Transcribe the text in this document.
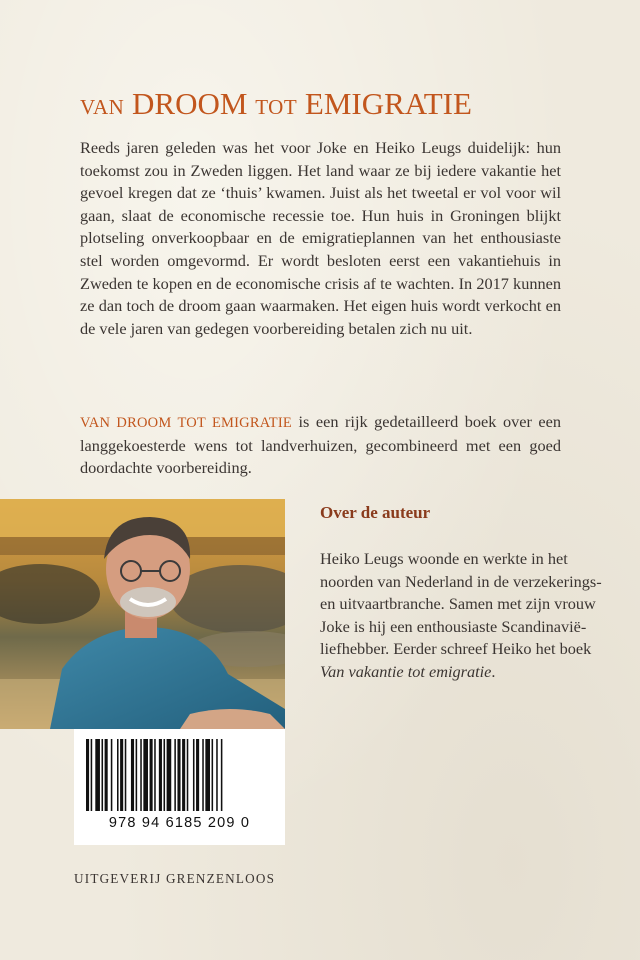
VAN DROOM TOT EMIGRATIE

Reeds jaren geleden was het voor Joke en Heiko Leugs duidelijk: hun toekomst zou in Zweden liggen. Het land waar ze bij iedere vakantie het gevoel kregen dat ze ‘thuis’ kwamen. Juist als het tweetal er vol voor wil gaan, slaat de economische recessie toe. Hun huis in Groningen blijkt plotseling onverkoopbaar en de emigratieplannen van het enthousiaste stel worden omgevormd. Er wordt besloten eerst een vakantiehuis in Zweden te kopen en de economische crisis af te wachten. In 2017 kunnen ze dan toch de droom gaan waarmaken. Het eigen huis wordt verkocht en de vele jaren van gedegen voorbereiding betalen zich nu uit.

VAN DROOM TOT EMIGRATIE is een rijk gedetailleerd boek over een langgekoesterde wens tot landverhuizen, gecombineerd met een goed doordachte voorbereiding.

978 94 6185 209 0
Over de auteur

Heiko Leugs woonde en werkte in het noorden van Nederland in de verzekerings- en uitvaartbranche. Samen met zijn vrouw Joke is hij een enthousiaste Scandinavië-liefhebber. Eerder schreef Heiko het boek Van vakantie tot emigratie.

UITGEVERIJ GRENZENLOOS
